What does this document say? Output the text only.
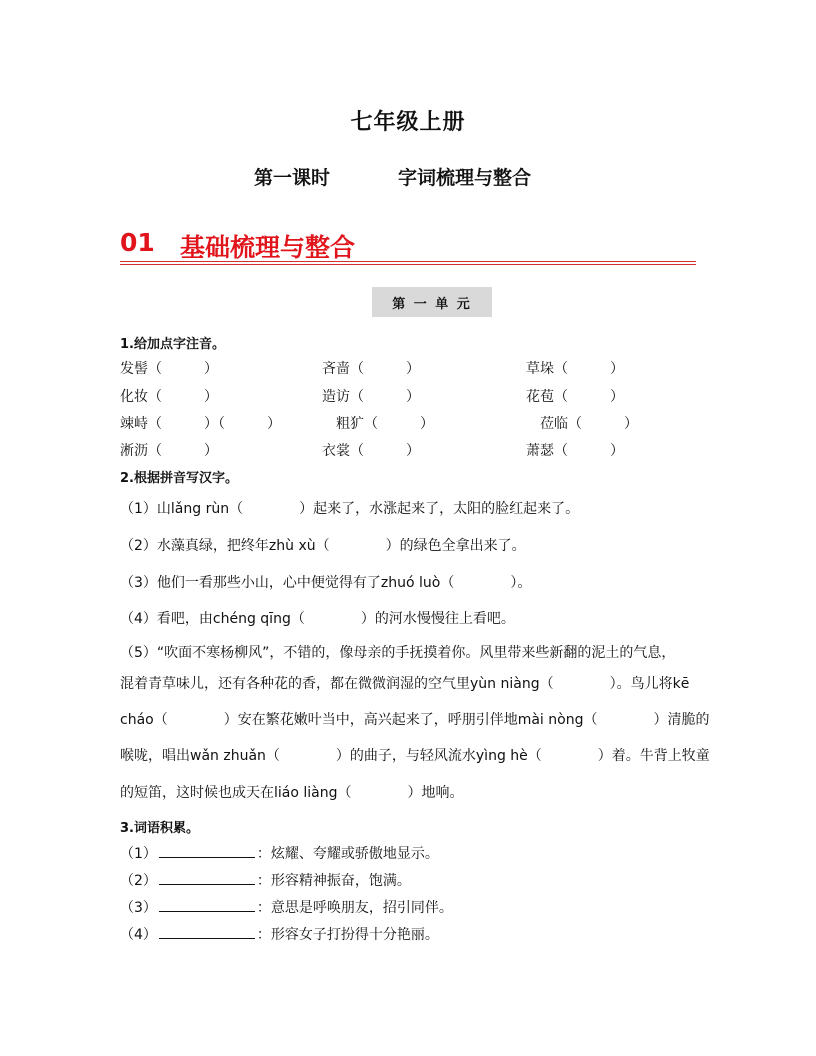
七年级上册
第一课时	字词梳理与整合
01 基础梳理与整合
第 一 单 元
1.给加点字注音。
发髻（　　　）	吝啬（　　　）	草垛（　　　）
化妆（　　　）	造访（　　　）	花苞（　　　）
竦峙（　　　）（　　　）	粗犷（　　　）	莅临（　　　）
淅沥（　　　）	衣裳（　　　）	萧瑟（　　　）
2.根据拼音写汉字。
（1）山lǎng rùn（　　　　）起来了，水涨起来了，太阳的脸红起来了。
（2）水藻真绿，把终年zhù xù（　　　　）的绿色全拿出来了。
（3）他们一看那些小山，心中便觉得有了zhuó luò（　　　　）。
（4）看吧，由chéng qīng（　　　　）的河水慢慢往上看吧。
（5）“吹面不寒杨柳风”，不错的，像母亲的手抚摸着你。风里带来些新翻的泥土的气息，
混着青草味儿，还有各种花的香，都在微微润湿的空气里yùn niàng（　　　　）。鸟儿将kē
cháo（　　　　）安在繁花嫩叶当中，高兴起来了，呼朋引伴地mài nòng（　　　　）清脆的
喉咙，唱出wǎn zhuǎn（　　　　）的曲子，与轻风流水yìng hè（　　　　）着。牛背上牧童
的短笛，这时候也成天在liáo liàng（　　　　）地响。
3.词语积累。
（1）	：炫耀、夸耀或骄傲地显示。
（2）	：形容精神振奋，饱满。
（3）	：意思是呼唤朋友，招引同伴。
（4）	：形容女子打扮得十分艳丽。
